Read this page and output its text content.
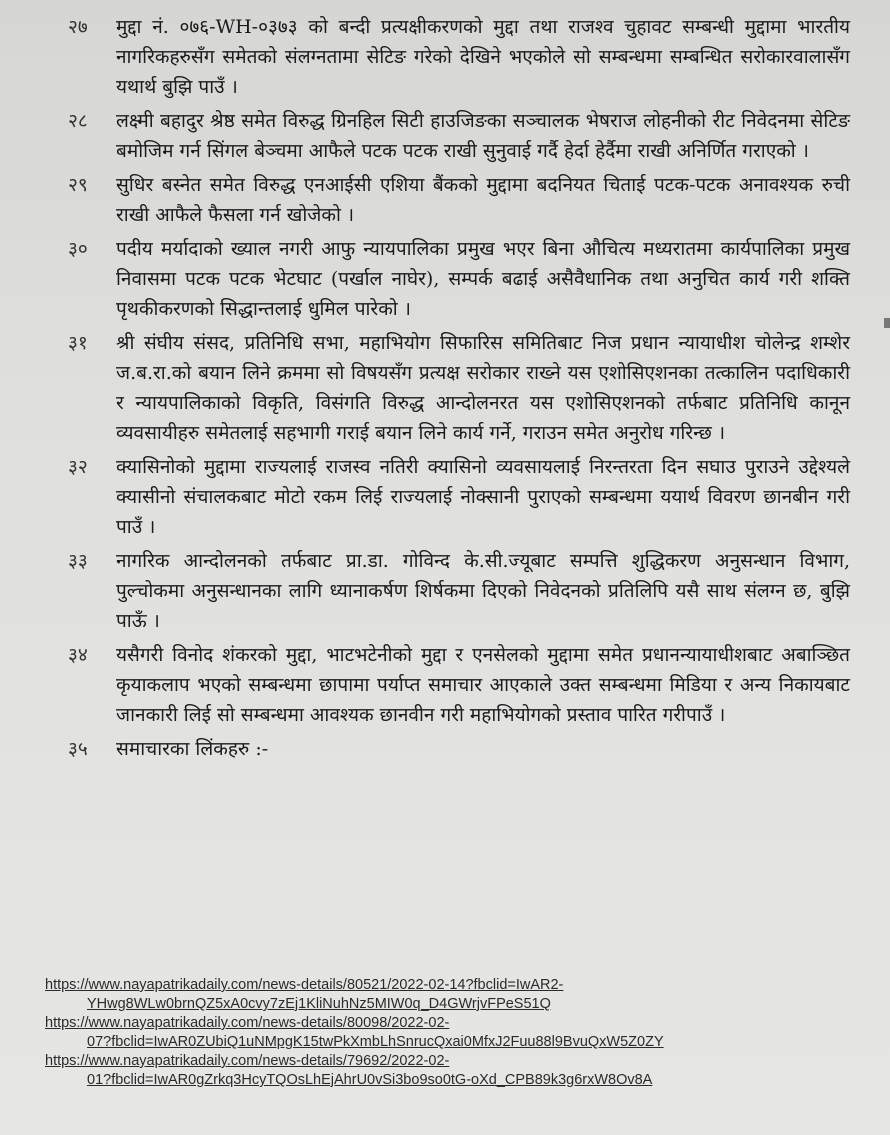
२७ मुद्दा नं. ०७६-WH-०३७३ को बन्दी प्रत्यक्षीकरणको मुद्दा तथा राजश्व चुहावट सम्बन्धी मुद्दामा भारतीय नागरिकहरुसँग समेतको संलग्नतामा सेटिङ गरेको देखिने भएकोले सो सम्बन्धमा सम्बन्धित सरोकारवालासँग यथार्थ बुझि पाउँ ।
२८ लक्ष्मी बहादुर श्रेष्ठ समेत विरुद्ध ग्रिनहिल सिटी हाउजिङका सञ्चालक भेषराज लोहनीको रीट निवेदनमा सेटिङ बमोजिम गर्न सिंगल बेञ्चमा आफैले पटक पटक राखी सुनुवाई गर्दै हेर्दा हेर्दैमा राखी अनिर्णित गराएको ।
२९ सुधिर बस्नेत समेत विरुद्ध एनआईसी एशिया बैंकको मुद्दामा बदनियत चिताई पटक-पटक अनावश्यक रुची राखी आफैले फैसला गर्न खोजेको ।
३० पदीय मर्यादाको ख्याल नगरी आफु न्यायपालिका प्रमुख भएर बिना औचित्य मध्यरातमा कार्यपालिका प्रमुख निवासमा पटक पटक भेटघाट (पर्खाल नाघेर), सम्पर्क बढाई असैवैधानिक तथा अनुचित कार्य गरी शक्ति पृथकीकरणको सिद्धान्तलाई धुमिल पारेको ।
३१ श्री संघीय संसद, प्रतिनिधि सभा, महाभियोग सिफारिस समितिबाट निज प्रधान न्यायाधीश चोलेन्द्र शम्शेर ज.ब.रा.को बयान लिने क्रममा सो विषयसँग प्रत्यक्ष सरोकार राख्ने यस एशोसिएशनका तत्कालिन पदाधिकारी र न्यायपालिकाको विकृति, विसंगति विरुद्ध आन्दोलनरत यस एशोसिएशनको तर्फबाट प्रतिनिधि कानून व्यवसायीहरु समेतलाई सहभागी गराई बयान लिने कार्य गर्ने, गराउन समेत अनुरोध गरिन्छ ।
३२ क्यासिनोको मुद्दामा राज्यलाई राजस्व नतिरी क्यासिनो व्यवसायलाई निरन्तरता दिन सघाउ पुराउने उद्देश्यले क्यासीनो संचालकबाट मोटो रकम लिई राज्यलाई नोक्सानी पुराएको सम्बन्धमा ययार्थ विवरण छानबीन गरी पाउँ ।
३३ नागरिक आन्दोलनको तर्फबाट प्रा.डा. गोविन्द के.सी.ज्यूबाट सम्पत्ति शुद्धिकरण अनुसन्धान विभाग, पुल्चोकमा अनुसन्धानका लागि ध्यानाकर्षण शिर्षकमा दिएको निवेदनको प्रतिलिपि यसै साथ संलग्न छ, बुझि पाऊँ ।
३४ यसैगरी विनोद शंकरको मुद्दा, भाटभटेनीको मुद्दा र एनसेलको मुद्दामा समेत प्रधानन्यायाधीशबाट अबाञ्छित कृयाकलाप भएको सम्बन्धमा छापामा पर्याप्त समाचार आएकाले उक्त सम्बन्धमा मिडिया र अन्य निकायबाट जानकारी लिई सो सम्बन्धमा आवश्यक छानवीन गरी महाभियोगको प्रस्ताव पारित गरीपाउँ ।
३५ समाचारका लिंकहरु :-
https://www.nayapatrikadaily.com/news-details/80521/2022-02-14?fbclid=IwAR2-
YHwg8WLw0brnQZ5xA0cvy7zEj1KliNuhNz5MIW0q_D4GWrjvFPeS51Q
https://www.nayapatrikadaily.com/news-details/80098/2022-02-
07?fbclid=IwAR0ZUbiQ1uNMpgK15twPkXmbLhSnrucQxai0MfxJ2Fuu88l9BvuQxW5Z0ZY
https://www.nayapatrikadaily.com/news-details/79692/2022-02-
01?fbclid=IwAR0gZrkq3HcyTQOsLhEjAhrU0vSi3bo9so0tG-oXd_CPB89k3g6rxW8Ov8A
